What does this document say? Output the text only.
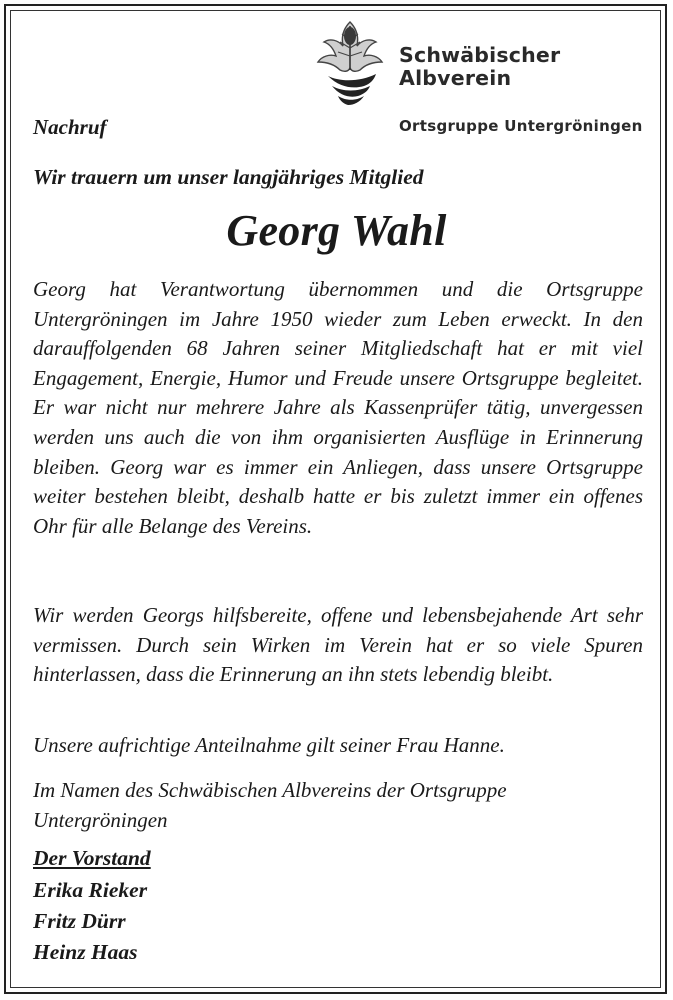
Schwäbischer
Albverein
Ortsgruppe Untergröningen
Nachruf
Wir trauern um unser langjähriges Mitglied
Georg Wahl

Georg hat Verantwortung übernommen und die Ortsgruppe Untergröningen im Jahre 1950 wieder zum Leben erweckt. In den darauffolgenden 68 Jahren seiner Mitgliedschaft hat er mit viel Engagement, Energie, Humor und Freude unsere Ortsgruppe begleitet. Er war nicht nur mehrere Jahre als Kassenprüfer tätig, unvergessen werden uns auch die von ihm organisierten Ausflüge in Erinnerung bleiben. Georg war es immer ein Anliegen, dass unsere Ortsgruppe weiter bestehen bleibt, deshalb hatte er bis zuletzt immer ein offenes Ohr für alle Belange des Vereins.

Wir werden Georgs hilfsbereite, offene und lebensbejahende Art sehr vermissen. Durch sein Wirken im Verein hat er so viele Spuren hinterlassen, dass die Erinnerung an ihn stets lebendig bleibt.

Unsere aufrichtige Anteilnahme gilt seiner Frau Hanne.

Im Namen des Schwäbischen Albvereins der Ortsgruppe Untergröningen

Der Vorstand
Erika Rieker
Fritz Dürr
Heinz Haas
